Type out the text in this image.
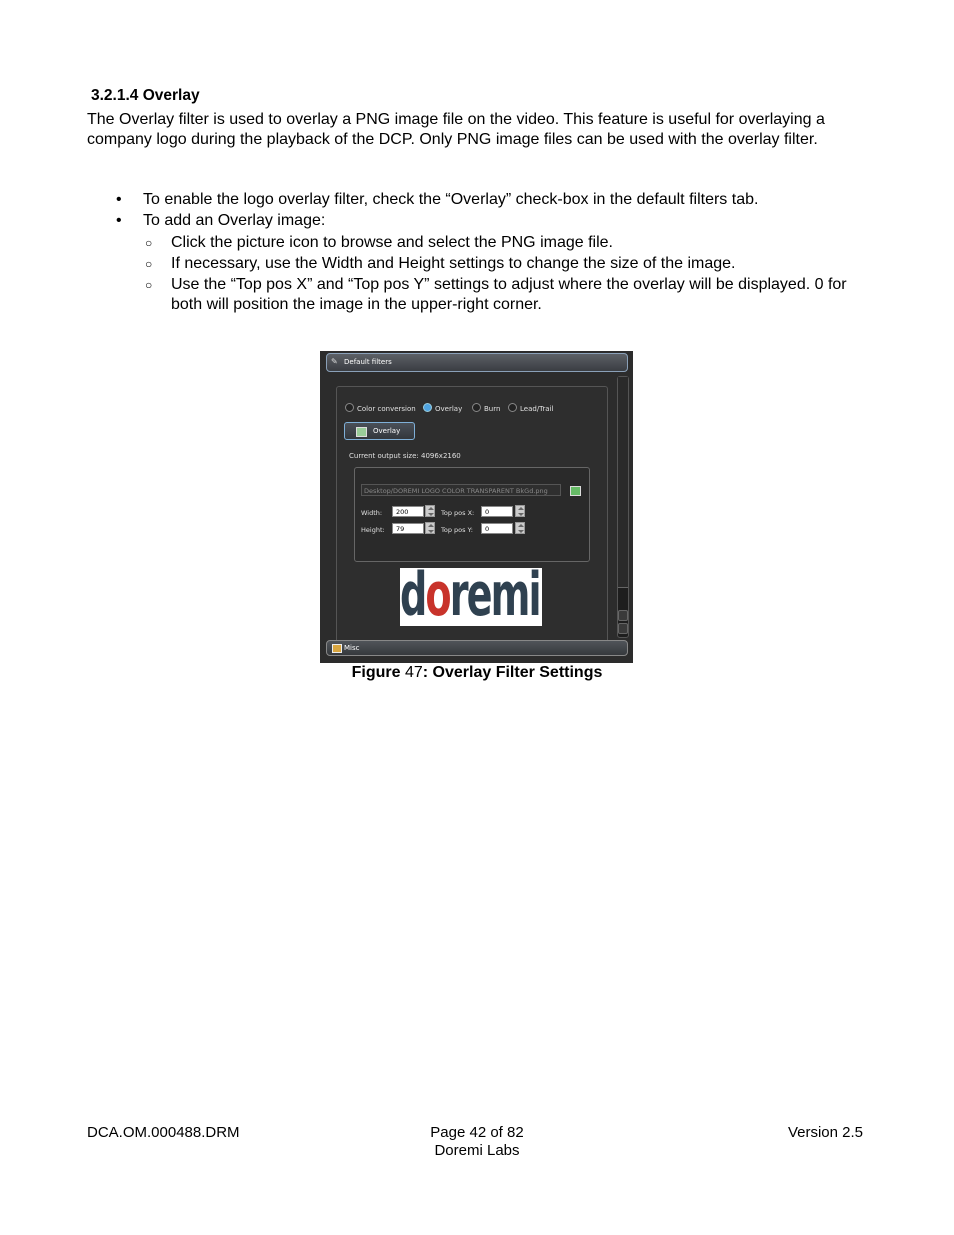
3.2.1.4 Overlay
The Overlay filter is used to overlay a PNG image file on the video. This feature is useful for overlaying a company logo during the playback of the DCP. Only PNG image files can be used with the overlay filter.
• To enable the logo overlay filter, check the “Overlay” check-box in the default filters tab.
• To add an Overlay image:
○ Click the picture icon to browse and select the PNG image file.
○ If necessary, use the Width and Height settings to change the size of the image.
○ Use the “Top pos X” and “Top pos Y” settings to adjust where the overlay will be displayed. 0 for both will position the image in the upper-right corner.
✎ Default filters
Color conversion	Overlay	Burn	Lead/Trail
Overlay
Current output size: 4096x2160
Desktop/DOREMI LOGO COLOR TRANSPARENT BkGd.png
Width:	200	Top pos X:	0
Height:	79	Top pos Y:	0
doremi
Misc
Figure 47: Overlay Filter Settings
DCA.OM.000488.DRM	Page 42 of 82
Doremi Labs
Version 2.5
